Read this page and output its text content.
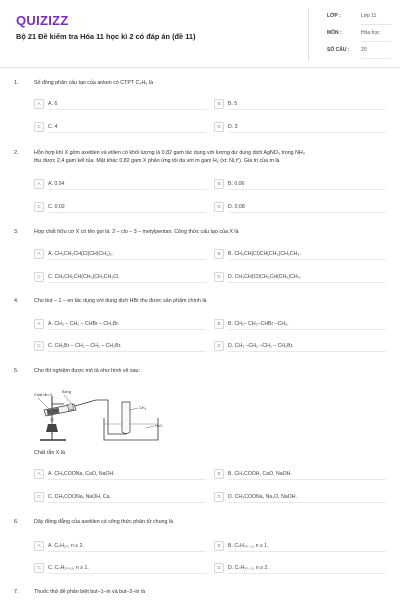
QUIZIZZ
Bộ 21 Đề kiểm tra Hóa 11 học kì 2 có đáp án (đề 11)
LỚP :	Lớp 11
MÔN :	Hóa học
SỐ CÂU : 20
1.	Số đồng phân cấu tạo của anken có CTPT C₄H₈ là
A	A. 6	B	B. 5
C	C. 4	D	D. 3
2.	Hỗn hợp khí X gồm axetilen và etilen có khối lượng là 0,82 gam tác dụng với lượng dư dung dịch AgNO₃ trong NH₃
thu được 2,4 gam kết tủa. Mặt khác 0,82 gam X phản ứng tối đa với m gam H₂ (xt: Ni,t°). Giá trị của m là
A	A. 0,04	B	B. 0,06
C	C. 0,02	D	D. 0,08
3.	Hợp chất hữu cơ X có tên gọi là: 2 – clo – 3 – metylpentan. Công thức cấu tạo của X là
A	A. CH₃CH₂CH(Cl)CH(CH₃)₂.	B	B. CH₃CH(Cl)CH(CH₃)CH₂CH₃.
C	C. CH₃CH₂CH(CH₃)CH₂CH₂Cl.	D	D. CH₃CH(Cl)CH₂CH(CH₃)CH₃.
4.	Cho but – 1 – en tác dụng với dung dịch HBr thu được sản phẩm chính là
A	A. CH₃ – CH₂ – CHBr – CH₂Br.	B	B. CH₂– CH₂–CHBr –CH₃.
C	C. CH₂Br – CH₂ – CH₂ – CH₂Br.	D	D. CH₃ –CH₂ –CH₂ – CH₂Br.
5.	Cho thí nghiệm được mô tả như hình vẽ sau:
Chất rắn X
Bông
CH₄
H₂O
Chất rắn X là
A	A. CH₃COONa, CaO, NaOH.	B	B. CH₃COOH, CaO, NaOH.
C	C. CH₃COONa, NaOH, Ca.	D	D. CH₃COONa, Na₂O, NaOH.
6.	Dãy đồng đẳng của axetilen có công thức phân tử chung là
A	A. CₙH₂ₙ, n ≥ 2.	B	B. CₙH₂ₙ₋₂, n ≥ 1.
C	C. CₙH₂ₙ₊₂, n ≥ 1.	D	D. CₙH₂ₙ₋₂, n ≥ 2.
7.	Thuốc thử để phân biệt but–1–in và but–2–in là
